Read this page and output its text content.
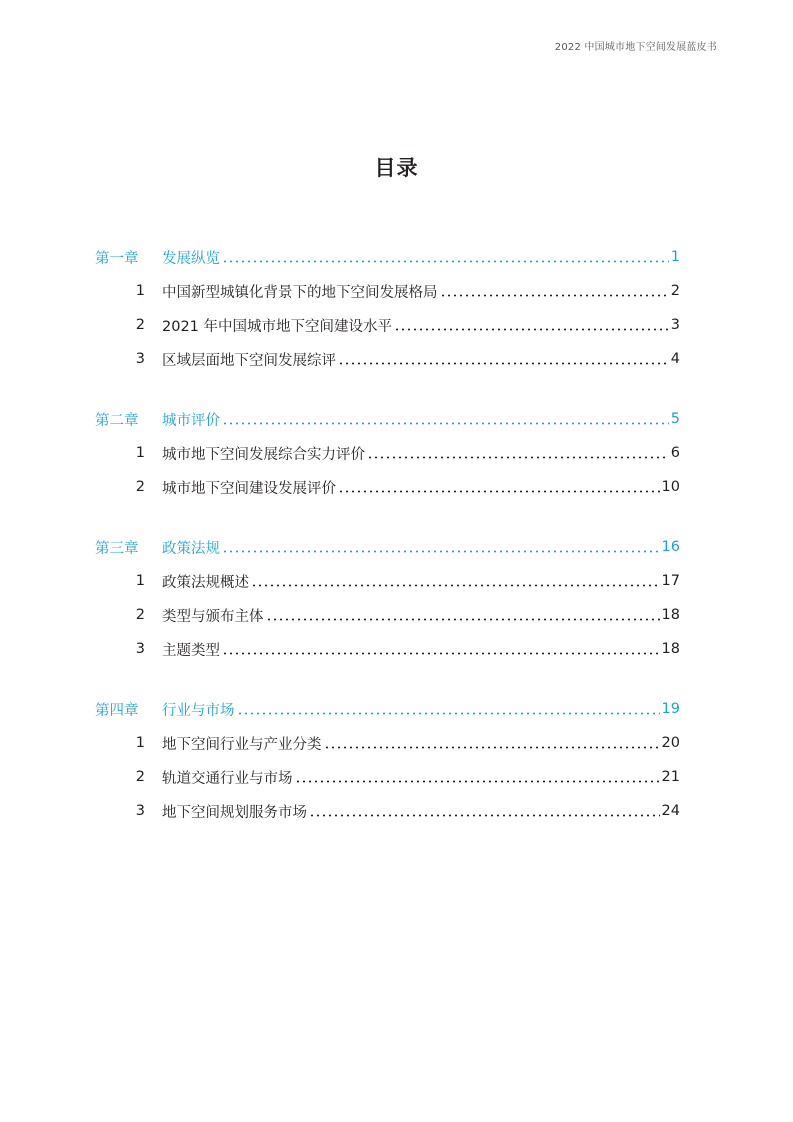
2022 中国城市地下空间发展蓝皮书
目录
第一章	发展纵览	1
1	中国新型城镇化背景下的地下空间发展格局	2
2	2021 年中国城市地下空间建设水平	3
3	区域层面地下空间发展综评	4
第二章	城市评价	5
1	城市地下空间发展综合实力评价	6
2	城市地下空间建设发展评价	10
第三章	政策法规	16
1	政策法规概述	17
2	类型与颁布主体	18
3	主题类型	18
第四章	行业与市场	19
1	地下空间行业与产业分类	20
2	轨道交通行业与市场	21
3	地下空间规划服务市场	24
